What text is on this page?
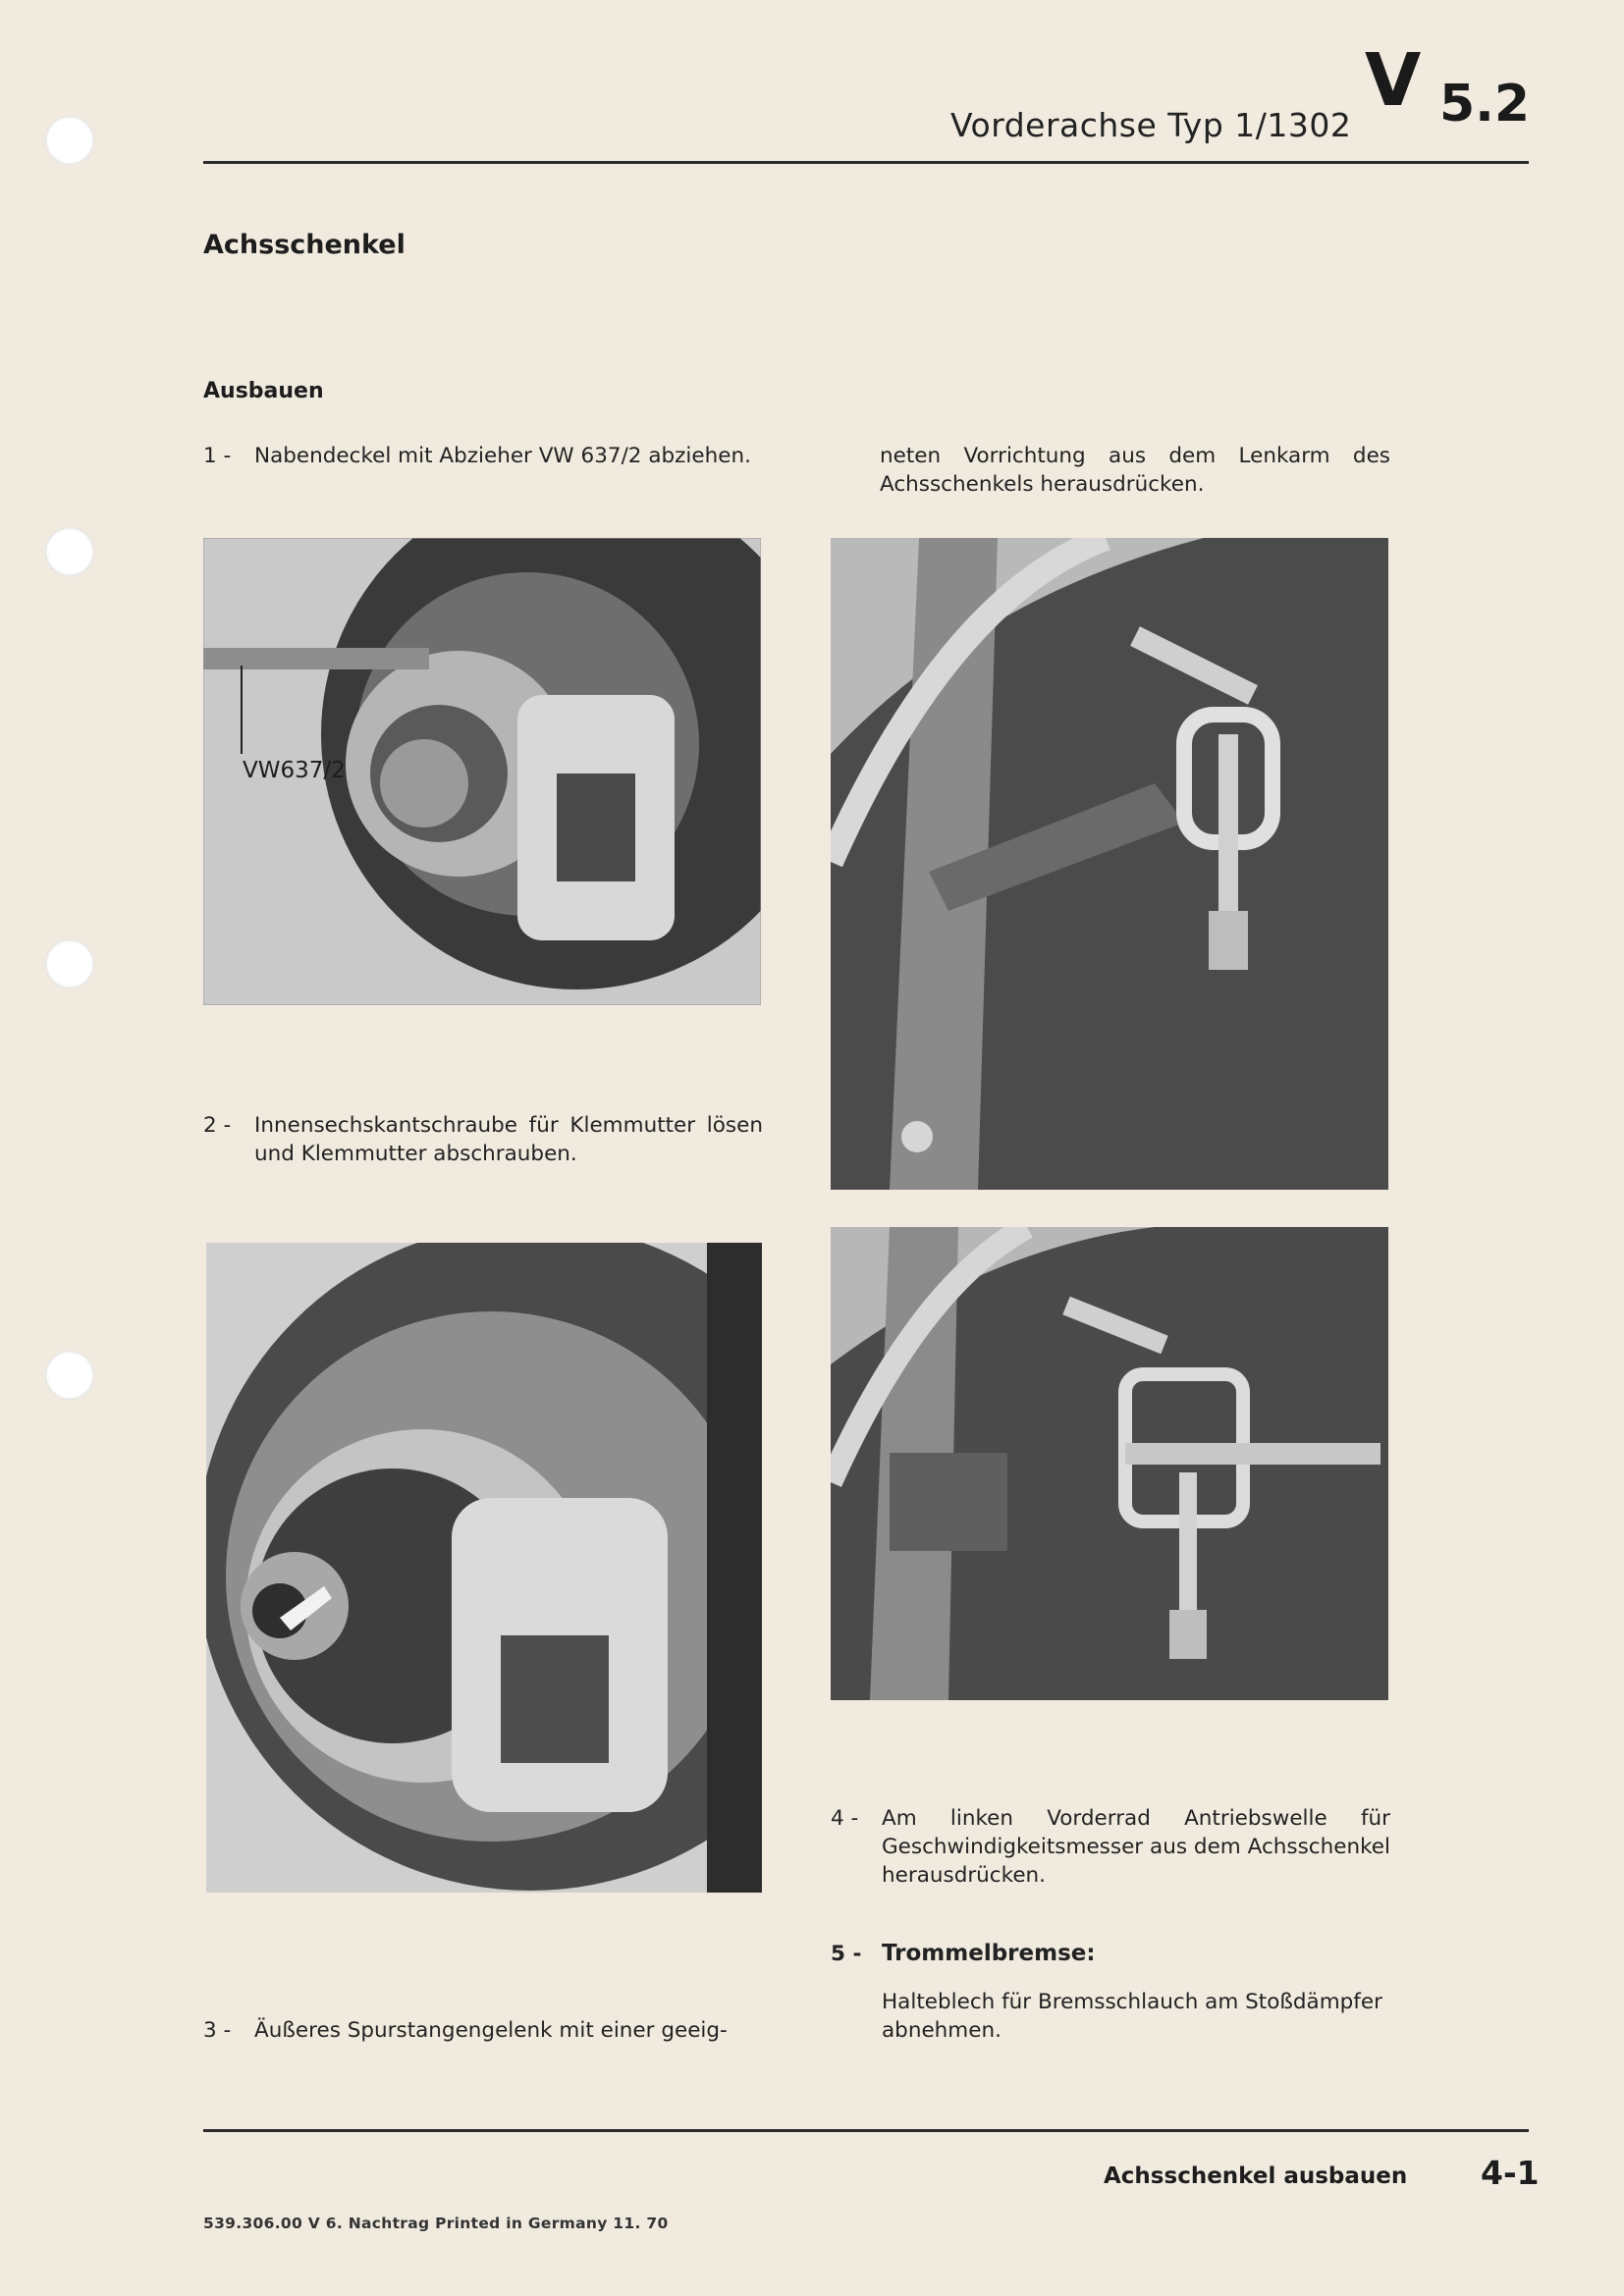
Vorderachse Typ 1/1302
V 5.2
Achsschenkel
Ausbauen
1 -	Nabendeckel mit Abzieher VW 637/2 abziehen.	neten Vorrichtung aus dem Lenkarm des Achsschenkels herausdrücken.
VW637/2
2 -	Innensechskantschraube für Klemmutter lösen und Klemmutter abschrauben.
4 -	Am linken Vorderrad Antriebswelle für Geschwindigkeitsmesser aus dem Achsschenkel herausdrücken.
5 - Trommelbremse:
Halteblech für Bremsschlauch am Stoßdämpfer abnehmen.
3 -	Äußeres Spurstangengelenk mit einer geeig-
Achsschenkel ausbauen 4-1
539.306.00 V 6. Nachtrag Printed in Germany 11. 70
